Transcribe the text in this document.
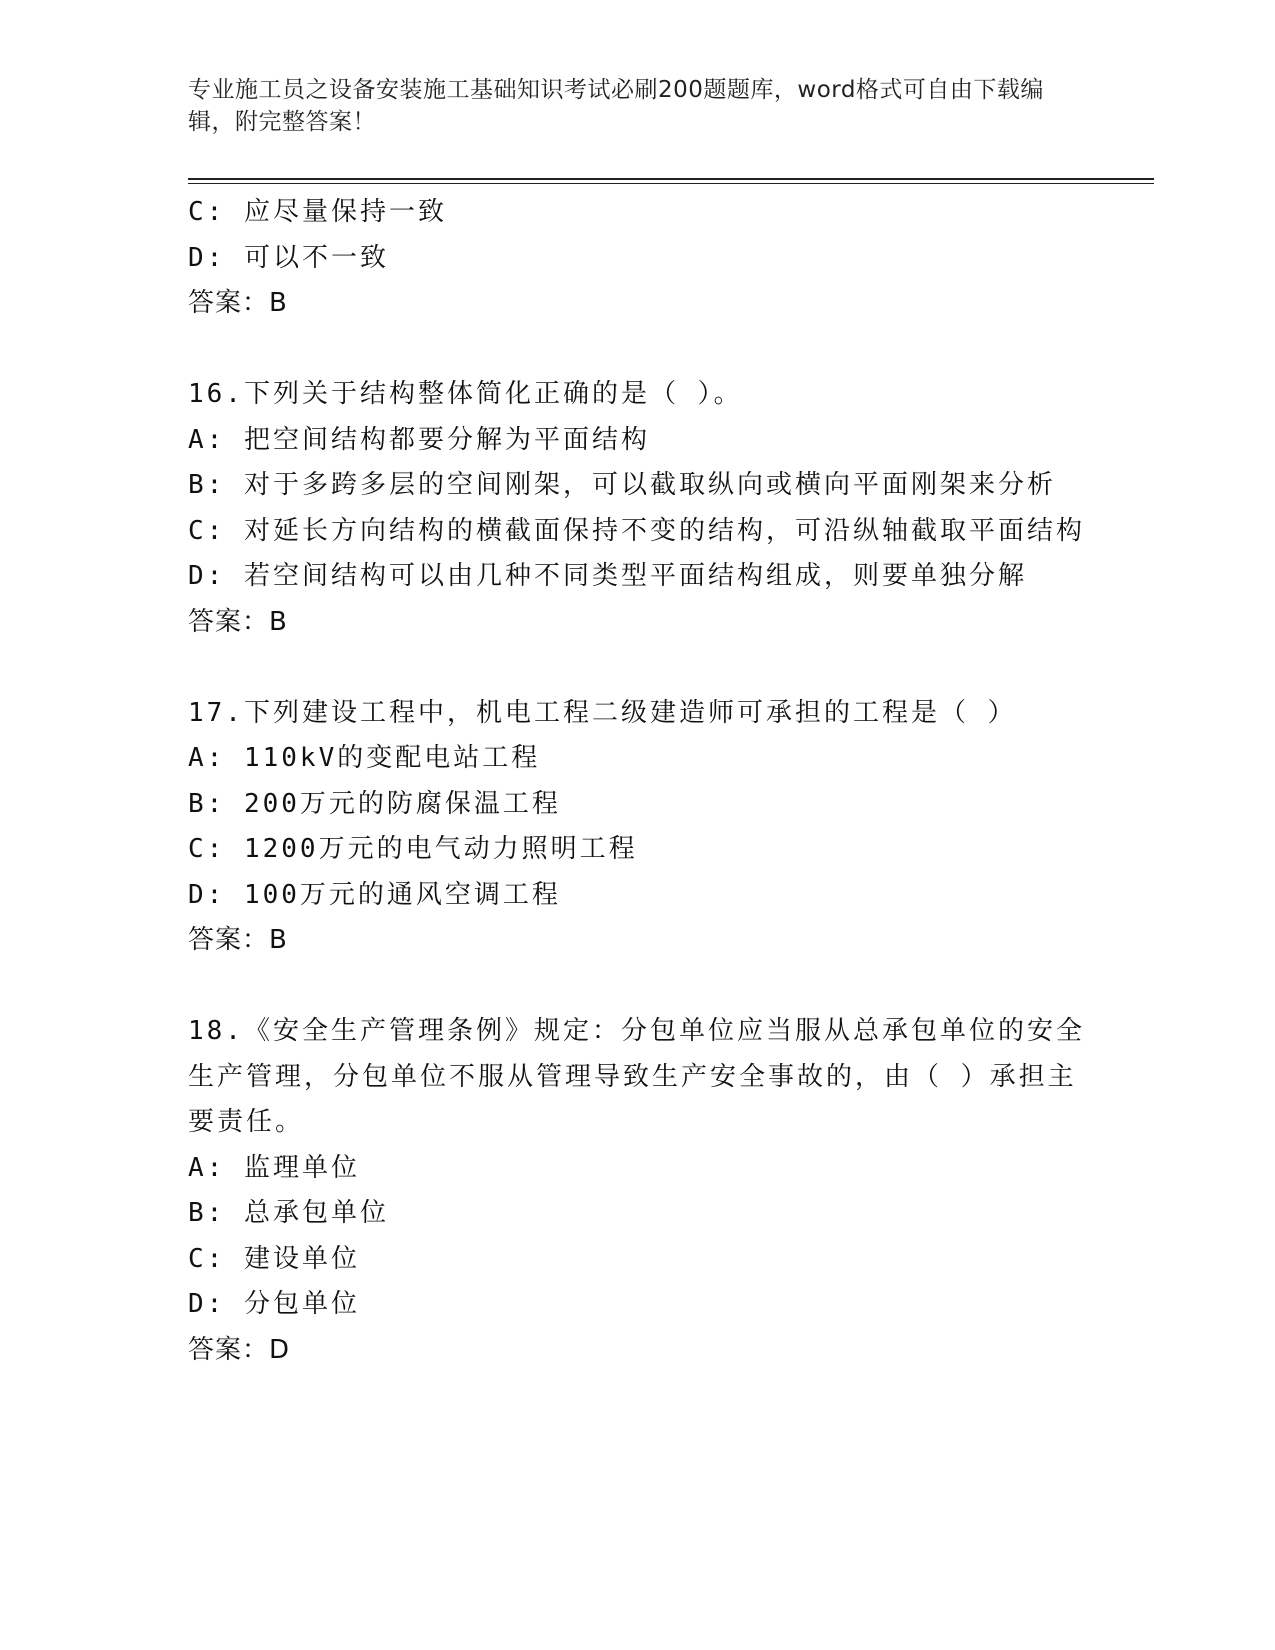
专业施工员之设备安装施工基础知识考试必刷200题题库，word格式可自由下载编辑，附完整答案！
C: 应尽量保持一致
D: 可以不一致
答案：B
16.下列关于结构整体简化正确的是（ ）。
A: 把空间结构都要分解为平面结构
B: 对于多跨多层的空间刚架，可以截取纵向或横向平面刚架来分析
C: 对延长方向结构的横截面保持不变的结构，可沿纵轴截取平面结构
D: 若空间结构可以由几种不同类型平面结构组成，则要单独分解
答案：B
17.下列建设工程中，机电工程二级建造师可承担的工程是（ ）
A: 110kV的变配电站工程
B: 200万元的防腐保温工程
C: 1200万元的电气动力照明工程
D: 100万元的通风空调工程
答案：B
18.《安全生产管理条例》规定：分包单位应当服从总承包单位的安全
生产管理，分包单位不服从管理导致生产安全事故的，由（ ）承担主
要责任。
A: 监理单位
B: 总承包单位
C: 建设单位
D: 分包单位
答案：D
